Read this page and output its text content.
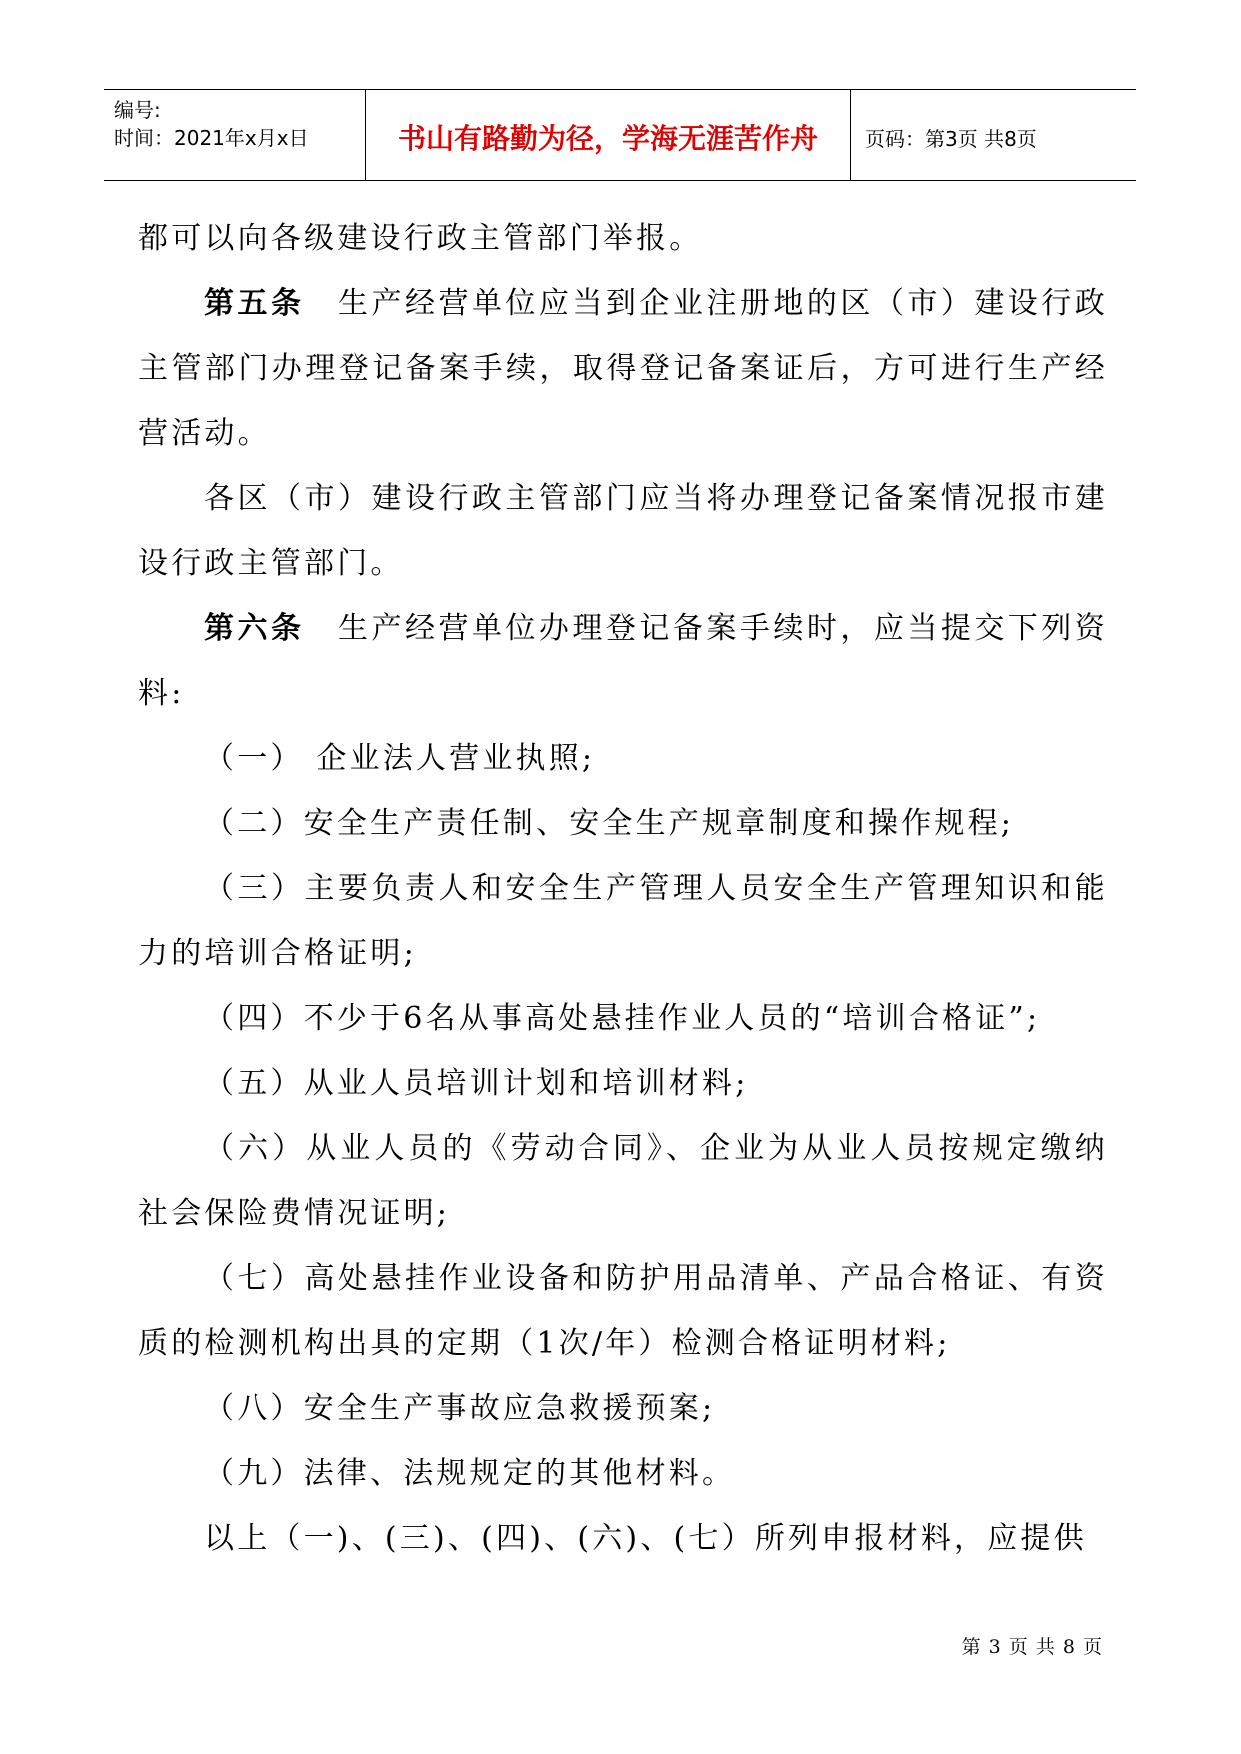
编号:
时间：2021年x月x日	书山有路勤为径，学海无涯苦作舟	页码：第3页 共8页

都可以向各级建设行政主管部门举报。

第五条　生产经营单位应当到企业注册地的区（市）建设行政主管部门办理登记备案手续，取得登记备案证后，方可进行生产经营活动。

各区（市）建设行政主管部门应当将办理登记备案情况报市建设行政主管部门。

第六条　生产经营单位办理登记备案手续时，应当提交下列资料:

（一） 企业法人营业执照;

（二）安全生产责任制、安全生产规章制度和操作规程;

（三）主要负责人和安全生产管理人员安全生产管理知识和能力的培训合格证明;

（四）不少于6名从事高处悬挂作业人员的“培训合格证”;

（五）从业人员培训计划和培训材料;

（六）从业人员的《劳动合同》、企业为从业人员按规定缴纳社会保险费情况证明;

（七）高处悬挂作业设备和防护用品清单、产品合格证、有资质的检测机构出具的定期（1次/年）检测合格证明材料;

（八）安全生产事故应急救援预案;

（九）法律、法规规定的其他材料。

以上（一)、(三)、(四)、(六)、(七）所列申报材料，应提供

第 3 页 共 8 页
